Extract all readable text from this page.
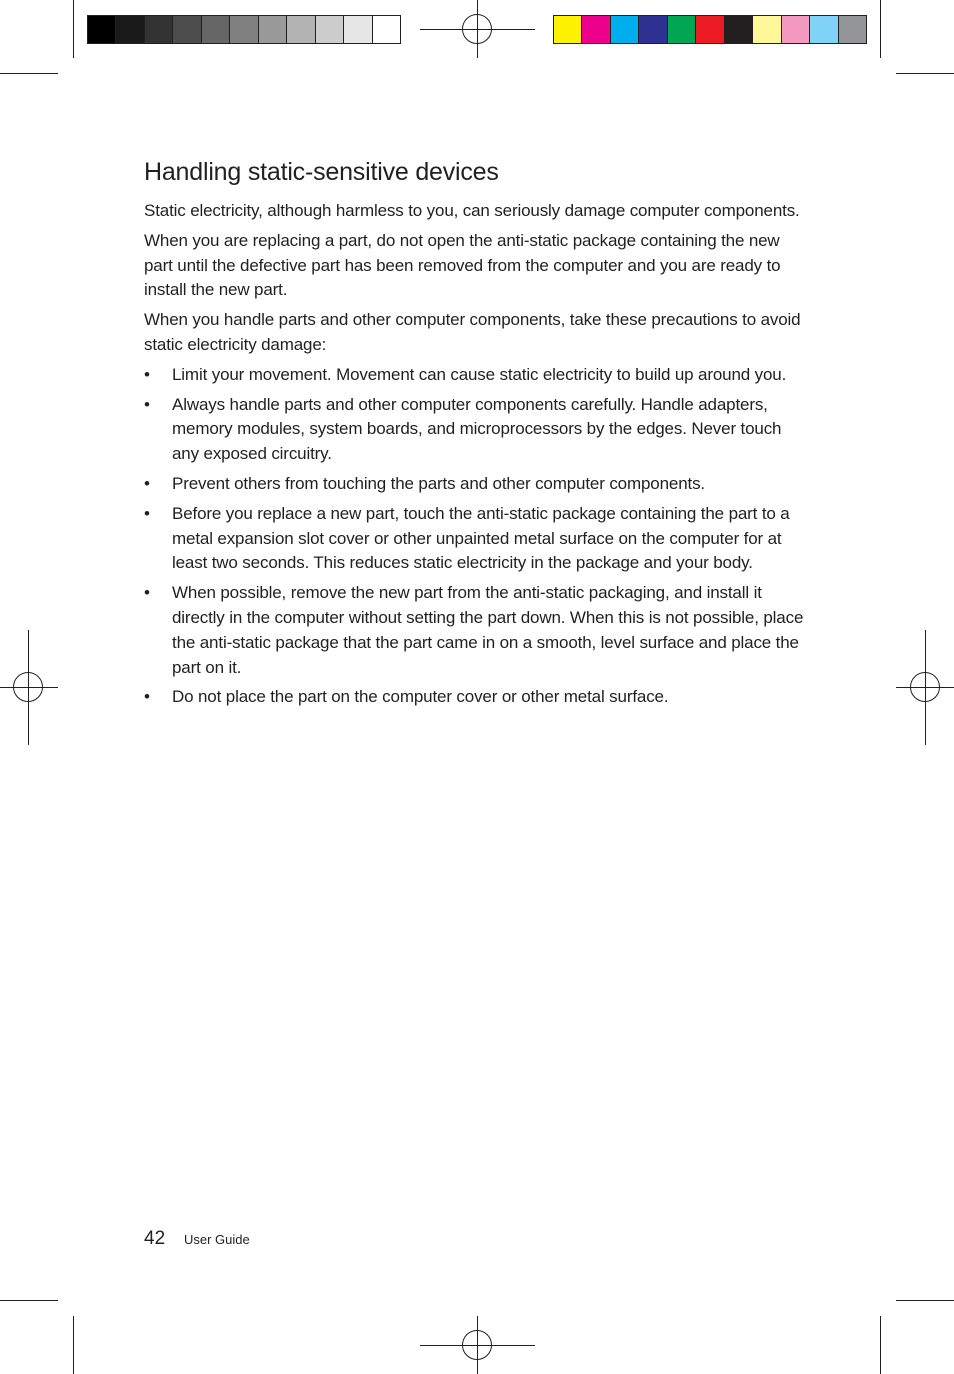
Handling static-sensitive devices

Static electricity, although harmless to you, can seriously damage computer components.

When you are replacing a part, do not open the anti-static package containing the new part until the defective part has been removed from the computer and you are ready to install the new part.

When you handle parts and other computer components, take these precautions to avoid static electricity damage:

• Limit your movement. Movement can cause static electricity to build up around you.
• Always handle parts and other computer components carefully. Handle adapters, memory modules, system boards, and microprocessors by the edges. Never touch any exposed circuitry.
• Prevent others from touching the parts and other computer components.
• Before you replace a new part, touch the anti-static package containing the part to a metal expansion slot cover or other unpainted metal surface on the computer for at least two seconds. This reduces static electricity in the package and your body.
• When possible, remove the new part from the anti-static packaging, and install it directly in the computer without setting the part down. When this is not possible, place the anti-static package that the part came in on a smooth, level surface and place the part on it.
• Do not place the part on the computer cover or other metal surface.
42 User Guide
